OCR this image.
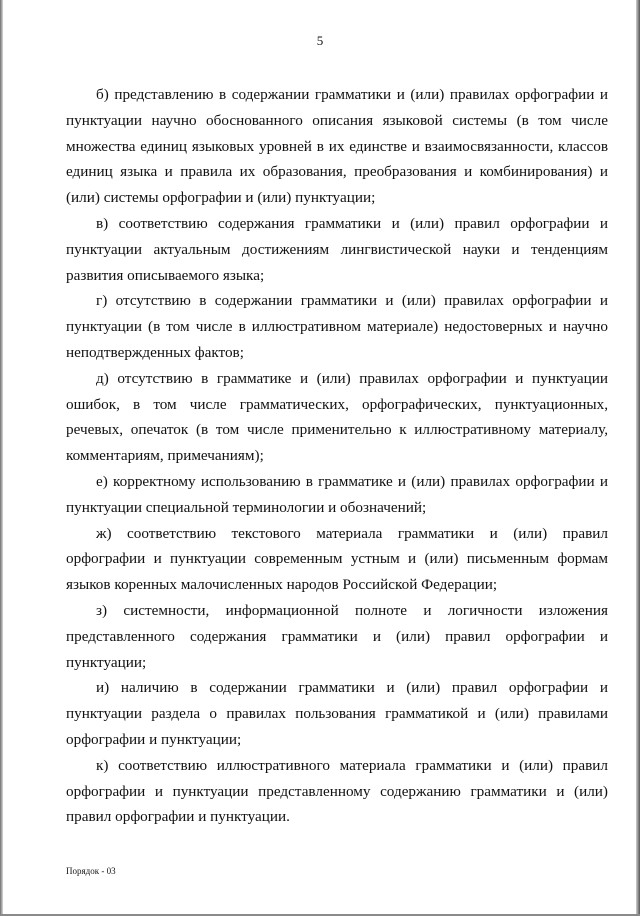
5

б) представлению в содержании грамматики и (или) правилах орфографии и пунктуации научно обоснованного описания языковой системы (в том числе множества единиц языковых уровней в их единстве и взаимосвязанности, классов единиц языка и правила их образования, преобразования и комбинирования) и (или) системы орфографии и (или) пунктуации;

в) соответствию содержания грамматики и (или) правил орфографии и пунктуации актуальным достижениям лингвистической науки и тенденциям развития описываемого языка;

г) отсутствию в содержании грамматики и (или) правилах орфографии и пунктуации (в том числе в иллюстративном материале) недостоверных и научно неподтвержденных фактов;

д) отсутствию в грамматике и (или) правилах орфографии и пунктуации ошибок, в том числе грамматических, орфографических, пунктуационных, речевых, опечаток (в том числе применительно к иллюстративному материалу, комментариям, примечаниям);

е) корректному использованию в грамматике и (или) правилах орфографии и пунктуации специальной терминологии и обозначений;

ж) соответствию текстового материала грамматики и (или) правил орфографии и пунктуации современным устным и (или) письменным формам языков коренных малочисленных народов Российской Федерации;

з) системности, информационной полноте и логичности изложения представленного содержания грамматики и (или) правил орфографии и пунктуации;

и) наличию в содержании грамматики и (или) правил орфографии и пунктуации раздела о правилах пользования грамматикой и (или) правилами орфографии и пунктуации;

к) соответствию иллюстративного материала грамматики и (или) правил орфографии и пунктуации представленному содержанию грамматики и (или) правил орфографии и пунктуации.

Порядок - 03
